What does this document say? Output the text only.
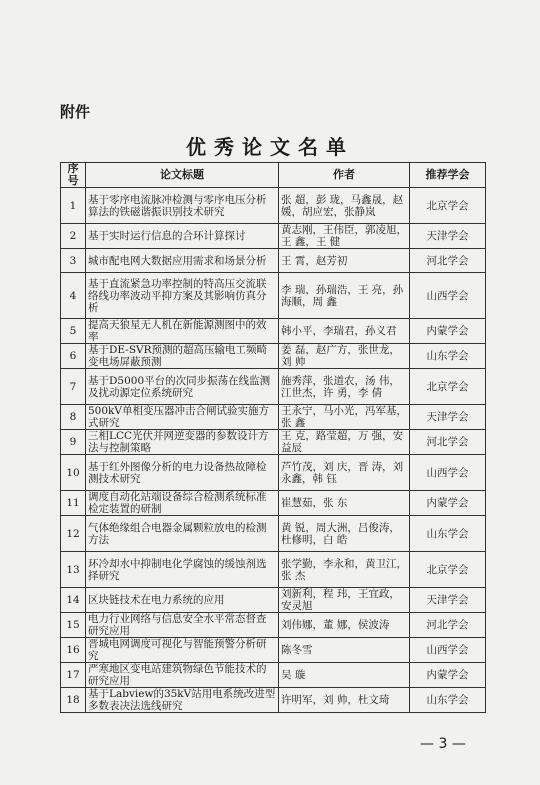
附件
优秀论文名单
序号	论文标题	作者	推荐学会
1	基于零序电流脉冲检测与零序电压分析算法的铁磁谐振识别技术研究	张 超，彭 珑，马鑫晟，赵 媛，胡应宏，张静岚	北京学会
2	基于实时运行信息的合环计算探讨	黄志刚，王伟臣，郭凌旭，王 鑫，王 健	天津学会
3	城市配电网大数据应用需求和场景分析	王 霄，赵芳初	河北学会
4	基于直流紧急功率控制的特高压交流联络线功率波动平抑方案及其影响仿真分析	李 瑞，孙瑞浩，王 亮，孙海顺，周 鑫	山西学会
5	提高天狼星无人机在新能源测图中的效率	韩小平，李瑞君，孙义君	内蒙学会
6	基于DE-SVR预测的超高压输电工频畸变电场屏蔽预测	姜 磊，赵广方，张世龙，刘 帅	山东学会
7	基于D5000平台的次同步振荡在线监测及扰动源定位系统研究	施秀萍，张道农，汤 伟，江世杰，许 勇，李 倩	北京学会
8	500kV单相变压器冲击合闸试验实施方式研究	王永宁，马小光，冯军基，张 鑫	天津学会
9	三相LCC光伏并网逆变器的参数设计方法与控制策略	王 克，路莹超，万 强，安益辰	河北学会
10	基于红外图像分析的电力设备热故障检测技术研究	芦竹茂，刘 庆，晋 涛，刘永鑫，韩 钰	山西学会
11	调度自动化站端设备综合检测系统标准检定装置的研制	崔慧茹，张 东	内蒙学会
12	气体绝缘组合电器金属颗粒放电的检测方法	黄 锐，周大洲，吕俊涛，杜修明，白 皓	山东学会
13	环冷却水中抑制电化学腐蚀的缓蚀剂选择研究	张学勤，李永和，黄卫江，张 杰	北京学会
14	区块链技术在电力系统的应用	刘新利，程 玮，王宜政，安灵旭	天津学会
15	电力行业网络与信息安全水平常态督查研究应用	刘伟娜，董 娜，侯波涛	河北学会
16	晋城电网调度可视化与智能预警分析研究	陈冬雪	山西学会
17	严寒地区变电站建筑物绿色节能技术的研究应用	吴 璇	内蒙学会
18	基于Labview的35kV站用电系统改进型多数表决法选线研究	许明军，刘 帅，杜文琦	山东学会
— 3 —
